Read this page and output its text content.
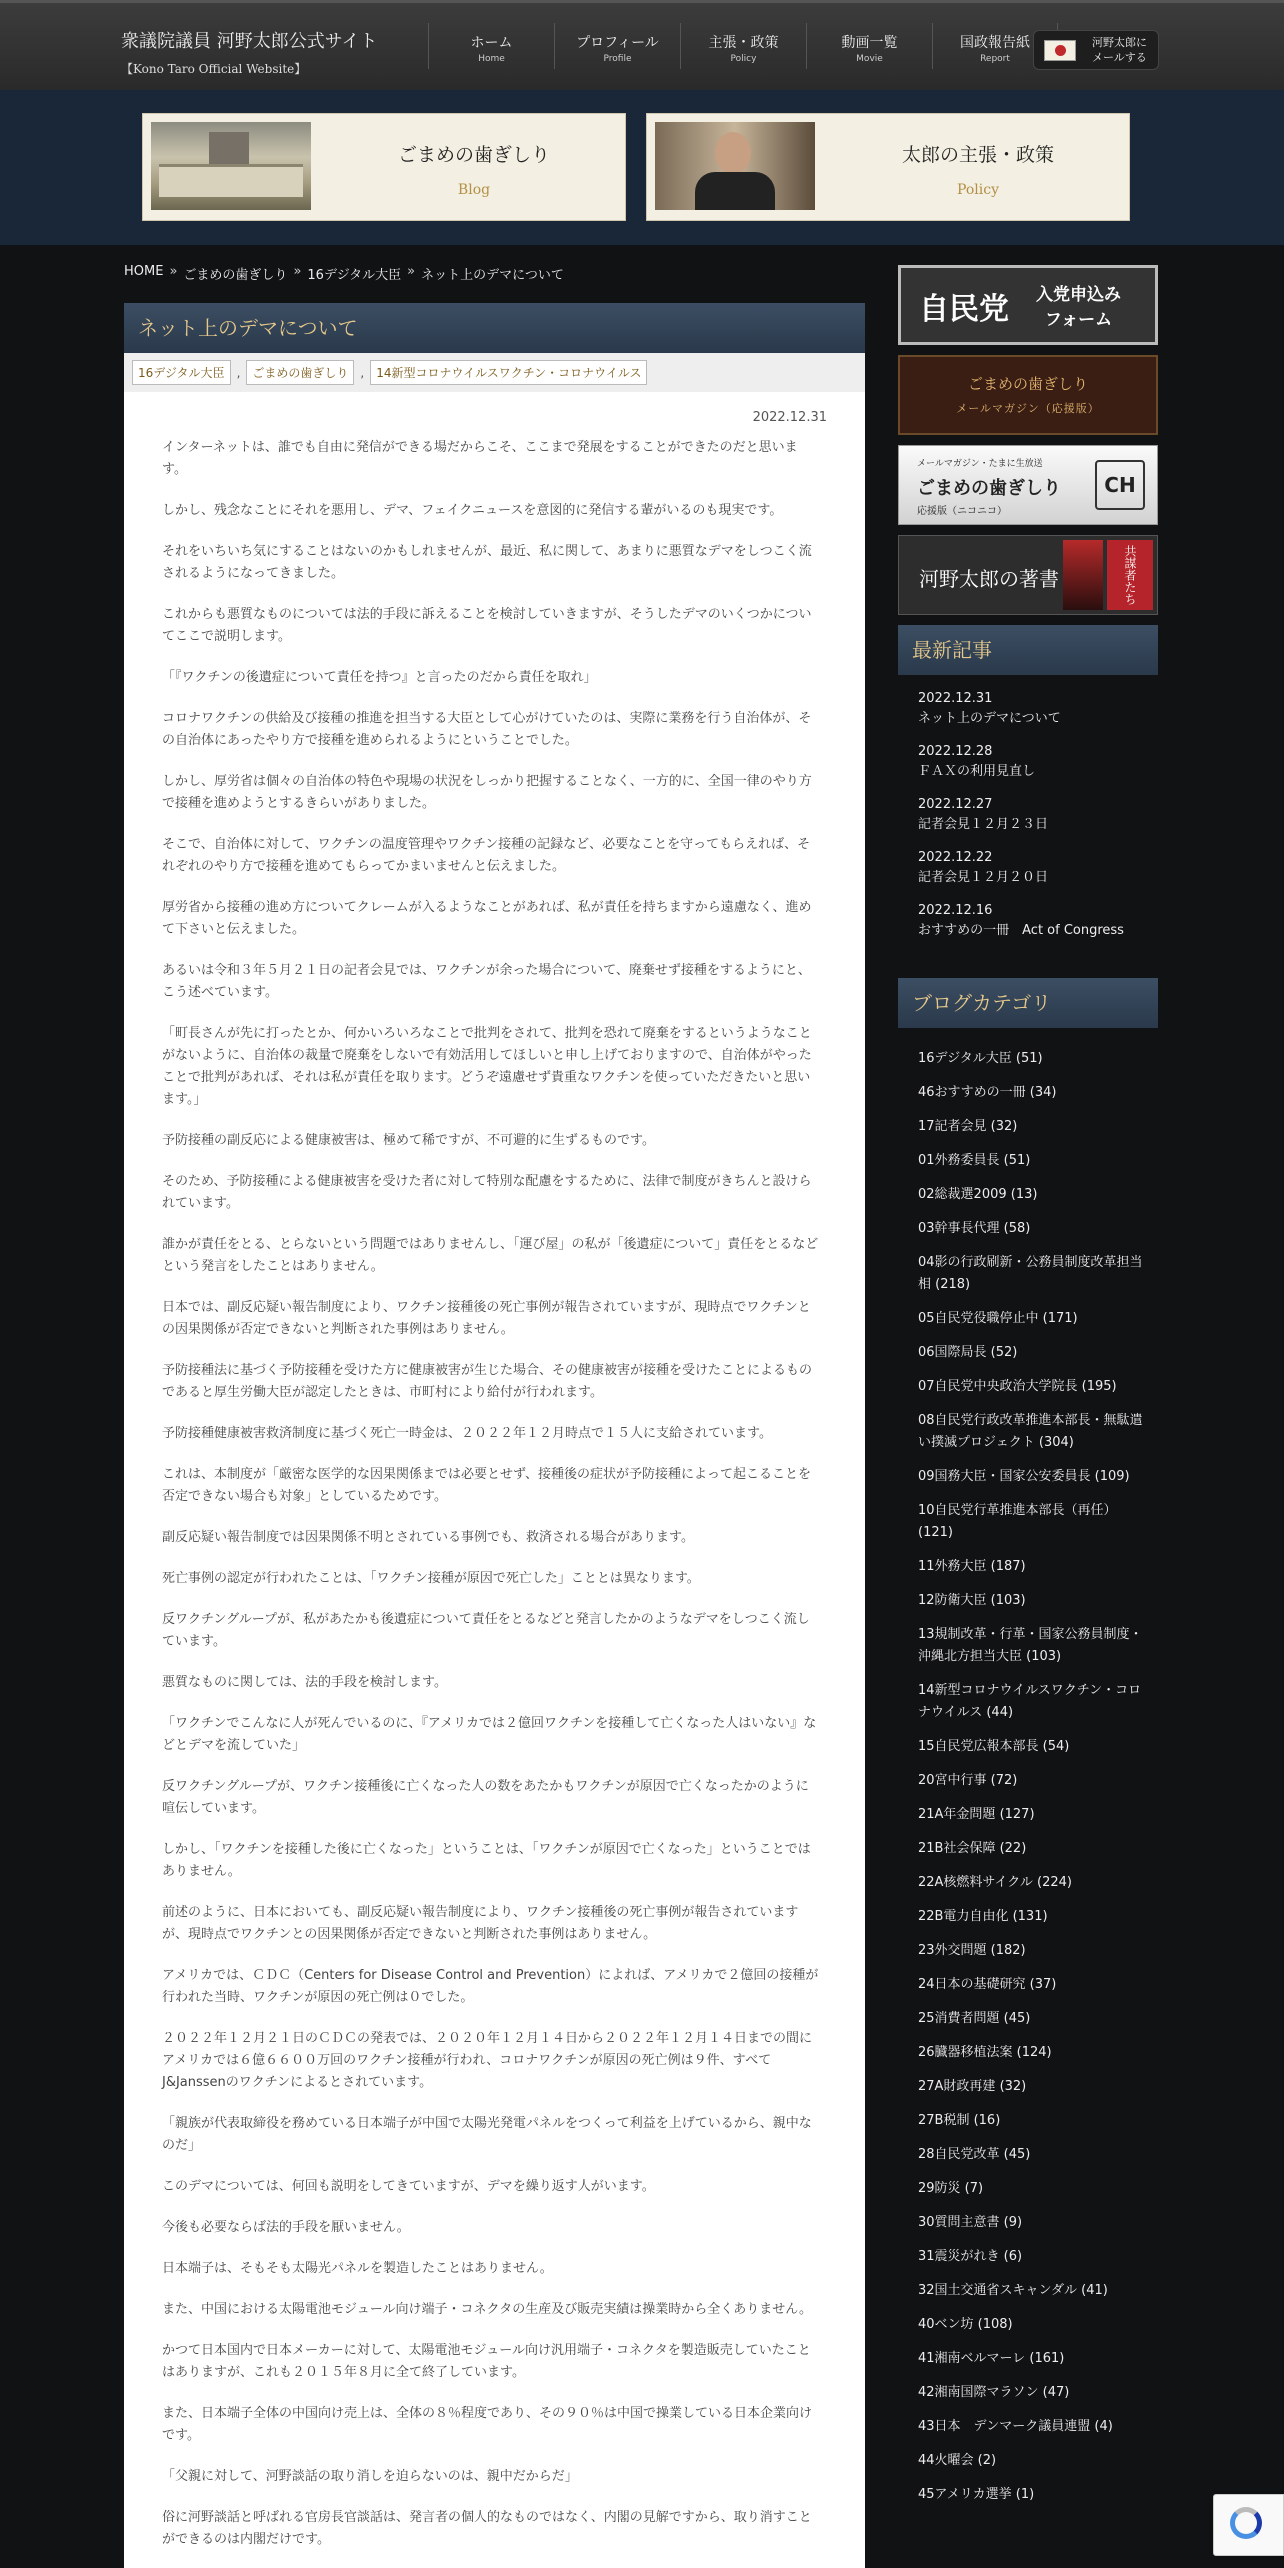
衆議院議員 河野太郎公式サイト
【Kono Taro Official Website】
ホーム
Home
プロフィール
Profile
主張・政策
Policy
動画一覧
Movie
国政報告紙
Report
河野太郎に
メールする
ごまめの歯ぎしり
Blog
太郎の主張・政策
Policy
HOME » ごまめの歯ぎしり » 16デジタル大臣 » ネット上のデマについて
ネット上のデマについて
16デジタル大臣	,	ごまめの歯ぎしり	,	14新型コロナウイルスワクチン・コロナウイルス
2022.12.31

インターネットは、誰でも自由に発信ができる場だからこそ、ここまで発展をすることができたのだと思います。

しかし、残念なことにそれを悪用し、デマ、フェイクニュースを意図的に発信する輩がいるのも現実です。

それをいちいち気にすることはないのかもしれませんが、最近、私に関して、あまりに悪質なデマをしつこく流されるようになってきました。

これからも悪質なものについては法的手段に訴えることを検討していきますが、そうしたデマのいくつかについてここで説明します。

「『ワクチンの後遺症について責任を持つ』と言ったのだから責任を取れ」

コロナワクチンの供給及び接種の推進を担当する大臣として心がけていたのは、実際に業務を行う自治体が、その自治体にあったやり方で接種を進められるようにということでした。

しかし、厚労省は個々の自治体の特色や現場の状況をしっかり把握することなく、一方的に、全国一律のやり方で接種を進めようとするきらいがありました。

そこで、自治体に対して、ワクチンの温度管理やワクチン接種の記録など、必要なことを守ってもらえれば、それぞれのやり方で接種を進めてもらってかまいませんと伝えました。

厚労省から接種の進め方についてクレームが入るようなことがあれば、私が責任を持ちますから遠慮なく、進めて下さいと伝えました。

あるいは令和３年５月２１日の記者会見では、ワクチンが余った場合について、廃棄せず接種をするようにと、こう述べています。

「町長さんが先に打ったとか、何かいろいろなことで批判をされて、批判を恐れて廃棄をするというようなことがないように、自治体の裁量で廃棄をしないで有効活用してほしいと申し上げておりますので、自治体がやったことで批判があれば、それは私が責任を取ります。どうぞ遠慮せず貴重なワクチンを使っていただきたいと思います。」

予防接種の副反応による健康被害は、極めて稀ですが、不可避的に生ずるものです。

そのため、予防接種による健康被害を受けた者に対して特別な配慮をするために、法律で制度がきちんと設けられています。

誰かが責任をとる、とらないという問題ではありませんし、「運び屋」の私が「後遺症について」責任をとるなどという発言をしたことはありません。

日本では、副反応疑い報告制度により、ワクチン接種後の死亡事例が報告されていますが、現時点でワクチンとの因果関係が否定できないと判断された事例はありません。

予防接種法に基づく予防接種を受けた方に健康被害が生じた場合、その健康被害が接種を受けたことによるものであると厚生労働大臣が認定したときは、市町村により給付が行われます。

予防接種健康被害救済制度に基づく死亡一時金は、２０２２年１２月時点で１５人に支給されています。

これは、本制度が「厳密な医学的な因果関係までは必要とせず、接種後の症状が予防接種によって起こることを否定できない場合も対象」としているためです。

副反応疑い報告制度では因果関係不明とされている事例でも、救済される場合があります。

死亡事例の認定が行われたことは、「ワクチン接種が原因で死亡した」こととは異なります。

反ワクチングループが、私があたかも後遺症について責任をとるなどと発言したかのようなデマをしつこく流しています。

悪質なものに関しては、法的手段を検討します。

「ワクチンでこんなに人が死んでいるのに、『アメリカでは２億回ワクチンを接種して亡くなった人はいない』などとデマを流していた」

反ワクチングループが、ワクチン接種後に亡くなった人の数をあたかもワクチンが原因で亡くなったかのように喧伝しています。

しかし、「ワクチンを接種した後に亡くなった」ということは、「ワクチンが原因で亡くなった」ということではありません。

前述のように、日本においても、副反応疑い報告制度により、ワクチン接種後の死亡事例が報告されていますが、現時点でワクチンとの因果関係が否定できないと判断された事例はありません。

アメリカでは、ＣＤＣ（Centers for Disease Control and Prevention）によれば、アメリカで２億回の接種が行われた当時、ワクチンが原因の死亡例は０でした。

２０２２年１２月２１日のＣＤＣの発表では、２０２０年１２月１４日から２０２２年１２月１４日までの間にアメリカでは６億６６００万回のワクチン接種が行われ、コロナワクチンが原因の死亡例は９件、すべてJ&Janssenのワクチンによるとされています。

「親族が代表取締役を務めている日本端子が中国で太陽光発電パネルをつくって利益を上げているから、親中なのだ」

このデマについては、何回も説明をしてきていますが、デマを繰り返す人がいます。

今後も必要ならば法的手段を厭いません。

日本端子は、そもそも太陽光パネルを製造したことはありません。

また、中国における太陽電池モジュール向け端子・コネクタの生産及び販売実績は操業時から全くありません。

かつて日本国内で日本メーカーに対して、太陽電池モジュール向け汎用端子・コネクタを製造販売していたことはありますが、これも２０１５年８月に全て終了しています。

また、日本端子全体の中国向け売上は、全体の８％程度であり、その９０％は中国で操業している日本企業向けです。

「父親に対して、河野談話の取り消しを迫らないのは、親中だからだ」

俗に河野談話と呼ばれる官房長官談話は、発言者の個人的なものではなく、内閣の見解ですから、取り消すことができるのは内閣だけです。

自民党 入党申込み
フォーム
ごまめの歯ぎしり
メールマガジン（応援版）
メールマガジン・たまに生放送
ごまめの歯ぎしり
応援版（ニコニコ）
CH
河野太郎の著書	共謀者たち
最新記事
2022.12.31
ネット上のデマについて
2022.12.28
ＦＡＸの利用見直し
2022.12.27
記者会見１２月２３日
2022.12.22
記者会見１２月２０日
2022.12.16
おすすめの一冊　Act of Congress
ブログカテゴリ
16デジタル大臣 (51)
46おすすめの一冊 (34)
17記者会見 (32)
01外務委員長 (51)
02総裁選2009 (13)
03幹事長代理 (58)
04影の行政刷新・公務員制度改革担当相 (218)
05自民党役職停止中 (171)
06国際局長 (52)
07自民党中央政治大学院長 (195)
08自民党行政改革推進本部長・無駄遣い撲滅プロジェクト (304)
09国務大臣・国家公安委員長 (109)
10自民党行革推進本部長（再任） (121)
11外務大臣 (187)
12防衛大臣 (103)
13規制改革・行革・国家公務員制度・沖縄北方担当大臣 (103)
14新型コロナウイルスワクチン・コロナウイルス (44)
15自民党広報本部長 (54)
20宮中行事 (72)
21A年金問題 (127)
21B社会保障 (22)
22A核燃料サイクル (224)
22B電力自由化 (131)
23外交問題 (182)
24日本の基礎研究 (37)
25消費者問題 (45)
26臓器移植法案 (124)
27A財政再建 (32)
27B税制 (16)
28自民党改革 (45)
29防災 (7)
30質問主意書 (9)
31震災がれき (6)
32国土交通省スキャンダル (41)
40ベン坊 (108)
41湘南ベルマーレ (161)
42湘南国際マラソン (47)
43日本　デンマーク議員連盟 (4)
44火曜会 (2)
45アメリカ選挙 (1)
